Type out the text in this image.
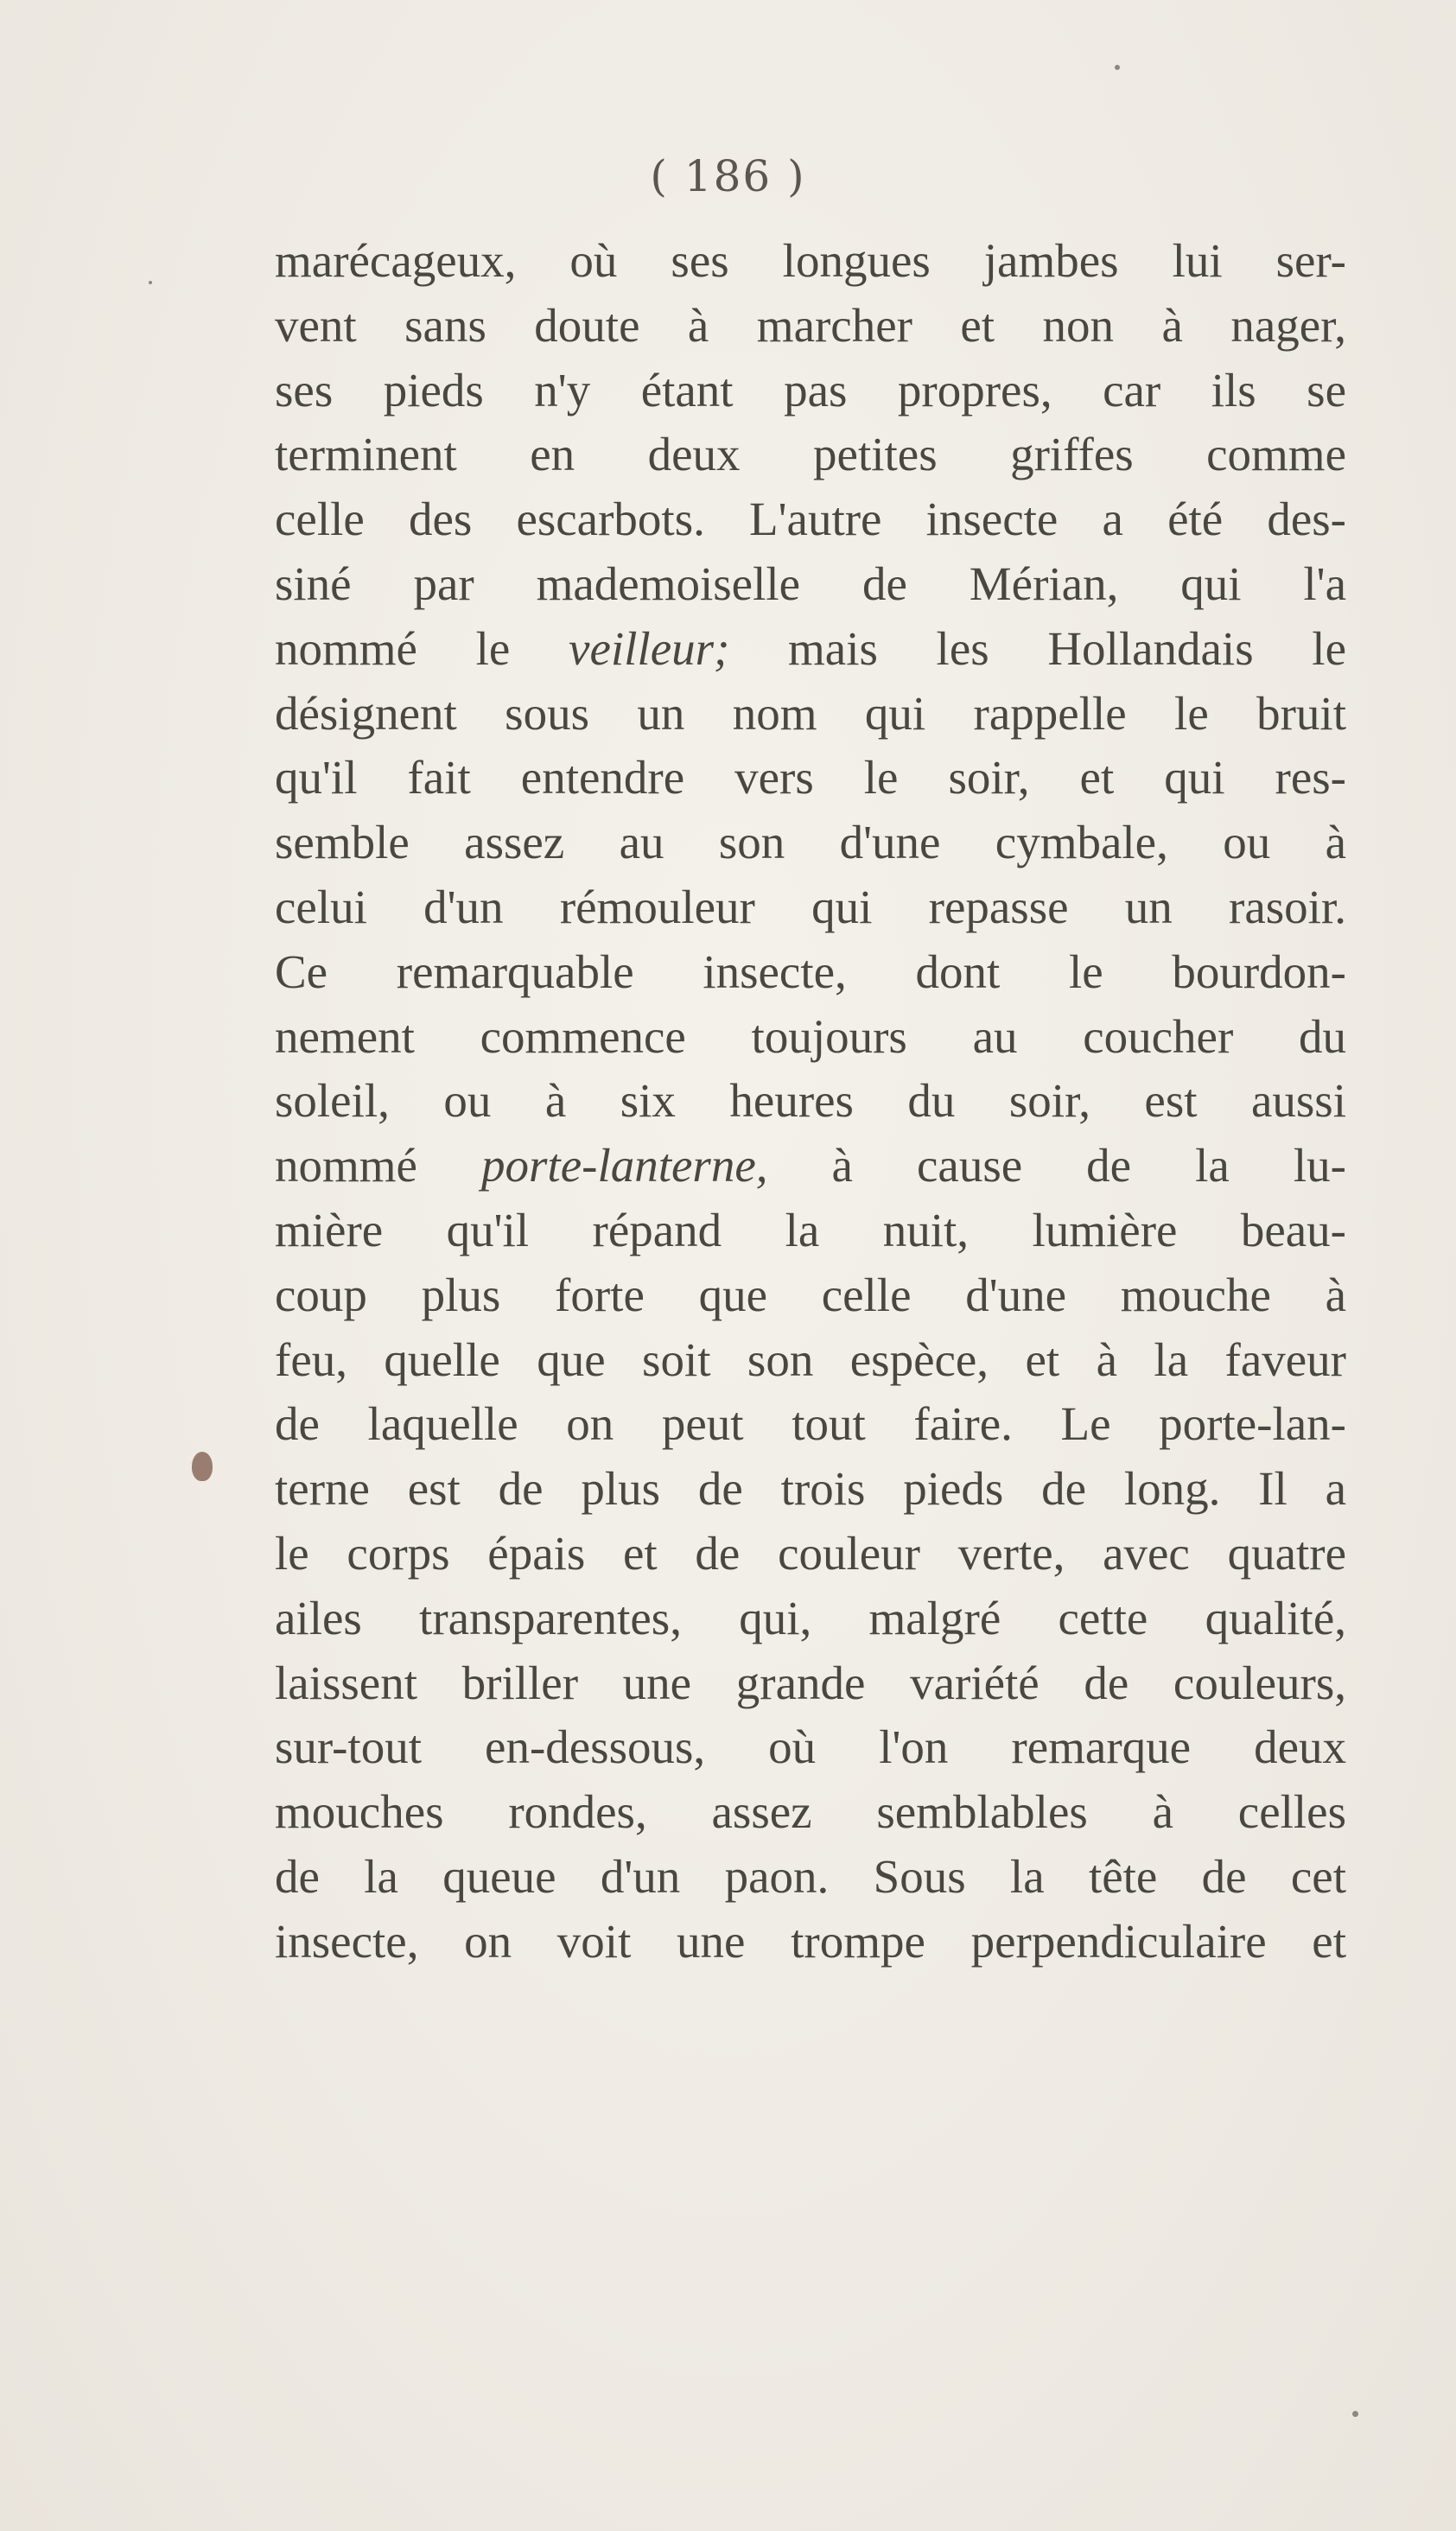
( 186 )
marécageux, où ses longues jambes lui ser-
vent sans doute à marcher et non à nager,
ses pieds n'y étant pas propres, car ils se
terminent en deux petites griffes comme
celle des escarbots. L'autre insecte a été des-
siné par mademoiselle de Mérian, qui l'a
nommé le veilleur; mais les Hollandais le
désignent sous un nom qui rappelle le bruit
qu'il fait entendre vers le soir, et qui res-
semble assez au son d'une cymbale, ou à
celui d'un rémouleur qui repasse un rasoir.
Ce remarquable insecte, dont le bourdon-
nement commence toujours au coucher du
soleil, ou à six heures du soir, est aussi
nommé porte-lanterne, à cause de la lu-
mière qu'il répand la nuit, lumière beau-
coup plus forte que celle d'une mouche à
feu, quelle que soit son espèce, et à la faveur
de laquelle on peut tout faire. Le porte-lan-
terne est de plus de trois pieds de long. Il a
le corps épais et de couleur verte, avec quatre
ailes transparentes, qui, malgré cette qualité,
laissent briller une grande variété de couleurs,
sur-tout en-dessous, où l'on remarque deux
mouches rondes, assez semblables à celles
de la queue d'un paon. Sous la tête de cet
insecte, on voit une trompe perpendiculaire et
